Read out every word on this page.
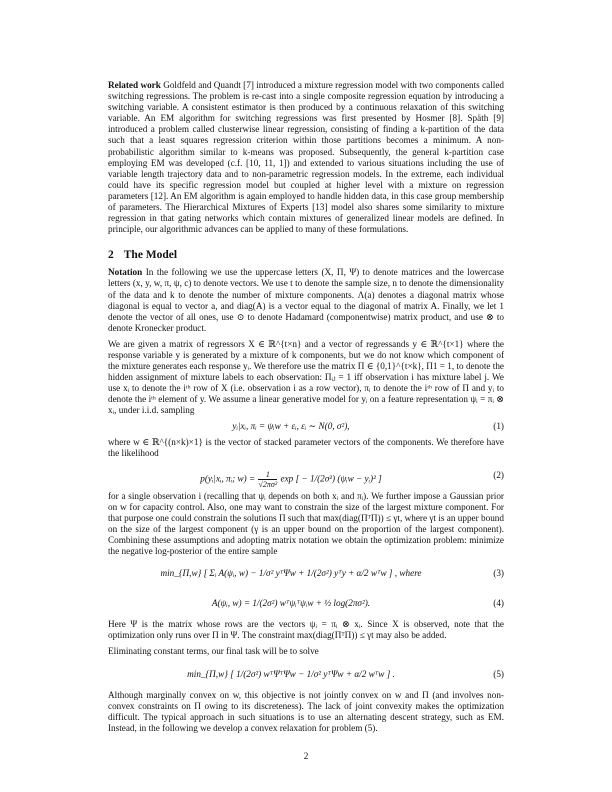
Related work Goldfeld and Quandt [7] introduced a mixture regression model with two components called switching regressions. The problem is re-cast into a single composite regression equation by introducing a switching variable. A consistent estimator is then produced by a continuous relaxation of this switching variable. An EM algorithm for switching regressions was first presented by Hosmer [8]. Späth [9] introduced a problem called clusterwise linear regression, consisting of finding a k-partition of the data such that a least squares regression criterion within those partitions becomes a minimum. A non-probabilistic algorithm similar to k-means was proposed. Subsequently, the general k-partition case employing EM was developed (c.f. [10, 11, 1]) and extended to various situations including the use of variable length trajectory data and to non-parametric regression models. In the extreme, each individual could have its specific regression model but coupled at higher level with a mixture on regression parameters [12]. An EM algorithm is again employed to handle hidden data, in this case group membership of parameters. The Hierarchical Mixtures of Experts [13] model also shares some similarity to mixture regression in that gating networks which contain mixtures of generalized linear models are defined. In principle, our algorithmic advances can be applied to many of these formulations.

2 The Model

Notation In the following we use the uppercase letters (X, Π, Ψ) to denote matrices and the lowercase letters (x, y, w, π, ψ, c) to denote vectors. We use t to denote the sample size, n to denote the dimensionality of the data and k to denote the number of mixture components. Λ(a) denotes a diagonal matrix whose diagonal is equal to vector a, and diag(A) is a vector equal to the diagonal of matrix A. Finally, we let 1 denote the vector of all ones, use ⊙ to denote Hadamard (componentwise) matrix product, and use ⊗ to denote Kronecker product.

We are given a matrix of regressors X ∈ ℝ^{t×n} and a vector of regressands y ∈ ℝ^{t×1} where the response variable y is generated by a mixture of k components, but we do not know which component of the mixture generates each response yᵢ. We therefore use the matrix Π ∈ {0,1}^{t×k}, Π1 = 1, to denote the hidden assignment of mixture labels to each observation: Πᵢⱼ = 1 iff observation i has mixture label j. We use xᵢ to denote the iᵗʰ row of X (i.e. observation i as a row vector), πᵢ to denote the iᵗʰ row of Π and yᵢ to denote the iᵗʰ element of y. We assume a linear generative model for yᵢ on a feature representation ψᵢ = πᵢ ⊗ xᵢ, under i.i.d. sampling

yᵢ|xᵢ, πᵢ = ψᵢw + εᵢ, εᵢ ∼ N(0, σ²),	(1)

where w ∈ ℝ^{(n×k)×1} is the vector of stacked parameter vectors of the components. We therefore have the likelihood

p(yᵢ|xᵢ, πᵢ; $w) = \frac{1}{\text{√2πσ²}}$ exp [ − 1/(2σ²) (ψᵢw − yᵢ)² ]	(2)

for a single observation i (recalling that ψᵢ depends on both xᵢ and πᵢ). We further impose a Gaussian prior on w for capacity control. Also, one may want to constrain the size of the largest mixture component. For that purpose one could constrain the solutions Π such that max(diag(ΠᵀΠ)) ≤ γt, where γt is an upper bound on the size of the largest component (γ is an upper bound on the proportion of the largest component). Combining these assumptions and adopting matrix notation we obtain the optimization problem: minimize the negative log-posterior of the entire sample

min_{Π,w} [ Σᵢ A(ψᵢ, w) − 1/σ² yᵀΨw + 1/(2σ²) yᵀy + α/2 wᵀw ] , where	(3)
A(ψᵢ, w) = 1/(2σ²) wᵀψᵢᵀψᵢw + ½ log(2πσ²).	(4)

Here Ψ is the matrix whose rows are the vectors ψᵢ = πᵢ ⊗ xᵢ. Since X is observed, note that the optimization only runs over Π in Ψ. The constraint max(diag(ΠᵀΠ)) ≤ γt may also be added.

Eliminating constant terms, our final task will be to solve

min_{Π,w} [ 1/(2σ²) wᵀΨᵀΨw − 1/σ² yᵀΨw + α/2 wᵀw ] .	(5)

Although marginally convex on w, this objective is not jointly convex on w and Π (and involves non-convex constraints on Π owing to its discreteness). The lack of joint convexity makes the optimization difficult. The typical approach in such situations is to use an alternating descent strategy, such as EM. Instead, in the following we develop a convex relaxation for problem (5).

2
